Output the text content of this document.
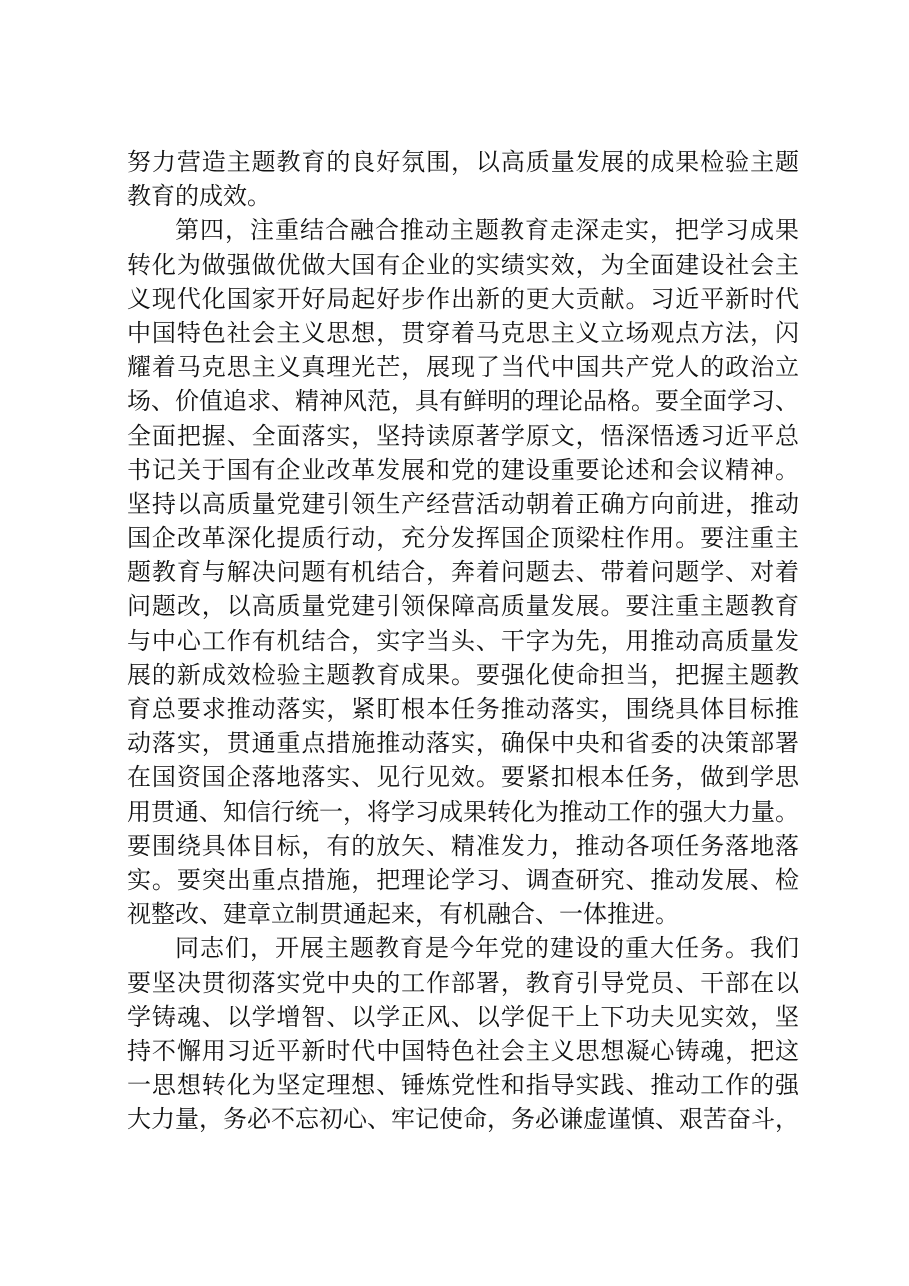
努力营造主题教育的良好氛围，以高质量发展的成果检验主题
教育的成效。
第四，注重结合融合推动主题教育走深走实，把学习成果
转化为做强做优做大国有企业的实绩实效，为全面建设社会主
义现代化国家开好局起好步作出新的更大贡献。习近平新时代
中国特色社会主义思想，贯穿着马克思主义立场观点方法，闪
耀着马克思主义真理光芒，展现了当代中国共产党人的政治立
场、价值追求、精神风范，具有鲜明的理论品格。要全面学习、
全面把握、全面落实，坚持读原著学原文，悟深悟透习近平总
书记关于国有企业改革发展和党的建设重要论述和会议精神。
坚持以高质量党建引领生产经营活动朝着正确方向前进，推动
国企改革深化提质行动，充分发挥国企顶梁柱作用。要注重主
题教育与解决问题有机结合，奔着问题去、带着问题学、对着
问题改，以高质量党建引领保障高质量发展。要注重主题教育
与中心工作有机结合，实字当头、干字为先，用推动高质量发
展的新成效检验主题教育成果。要强化使命担当，把握主题教
育总要求推动落实，紧盯根本任务推动落实，围绕具体目标推
动落实，贯通重点措施推动落实，确保中央和省委的决策部署
在国资国企落地落实、见行见效。要紧扣根本任务，做到学思
用贯通、知信行统一，将学习成果转化为推动工作的强大力量。
要围绕具体目标，有的放矢、精准发力，推动各项任务落地落
实。要突出重点措施，把理论学习、调查研究、推动发展、检
视整改、建章立制贯通起来，有机融合、一体推进。
同志们，开展主题教育是今年党的建设的重大任务。我们
要坚决贯彻落实党中央的工作部署，教育引导党员、干部在以
学铸魂、以学增智、以学正风、以学促干上下功夫见实效，坚
持不懈用习近平新时代中国特色社会主义思想凝心铸魂，把这
一思想转化为坚定理想、锤炼党性和指导实践、推动工作的强
大力量，务必不忘初心、牢记使命，务必谦虚谨慎、艰苦奋斗，
